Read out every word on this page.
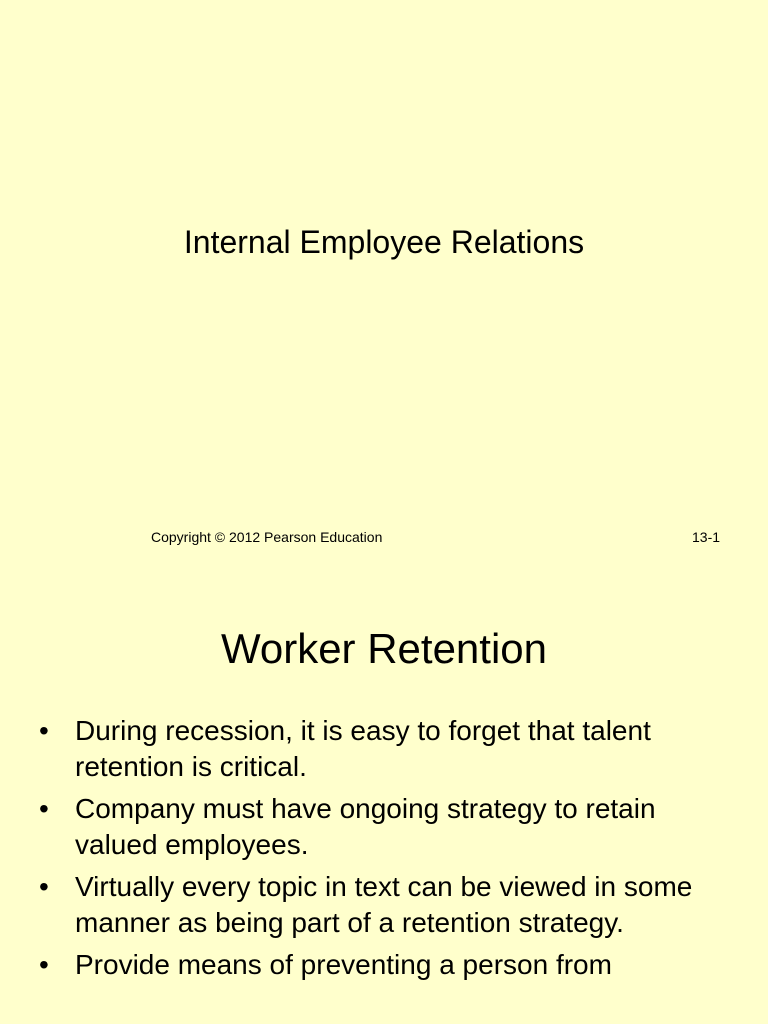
Internal Employee Relations
Copyright © 2012 Pearson Education	13-1
Worker Retention
• During recession, it is easy to forget that talent retention is critical.
• Company must have ongoing strategy to retain valued employees.
• Virtually every topic in text can be viewed in some manner as being part of a retention strategy.
• Provide means of preventing a person from
